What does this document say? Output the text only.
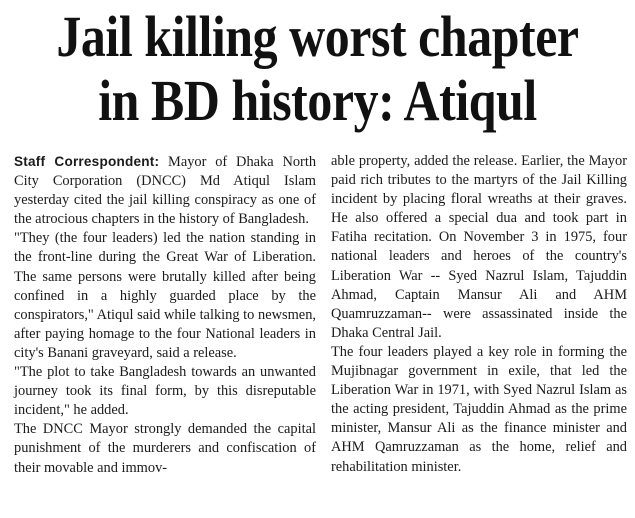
Jail killing worst chapter
in BD history: Atiqul

Staff Correspondent: Mayor of Dhaka North City Corporation (DNCC) Md Atiqul Islam yesterday cited the jail killing conspiracy as one of the atrocious chapters in the history of Bangladesh.

"They (the four leaders) led the nation standing in the front-line during the Great War of Liberation. The same persons were brutally killed after being confined in a highly guarded place by the conspirators," Atiqul said while talking to newsmen, after paying homage to the four National leaders in city's Banani graveyard, said a release.

"The plot to take Bangladesh towards an unwanted journey took its final form, by this disreputable incident," he added.

The DNCC Mayor strongly demanded the capital punishment of the murderers and confiscation of their movable and immov-

able property, added the release. Earlier, the Mayor paid rich tributes to the martyrs of the Jail Killing incident by placing floral wreaths at their graves. He also offered a special dua and took part in Fatiha recitation. On November 3 in 1975, four national leaders and heroes of the country's Liberation War -- Syed Nazrul Islam, Tajuddin Ahmad, Captain Mansur Ali and AHM Quamruzzaman-- were assassinated inside the Dhaka Central Jail.

The four leaders played a key role in forming the Mujibnagar government in exile, that led the Liberation War in 1971, with Syed Nazrul Islam as the acting president, Tajuddin Ahmad as the prime minister, Mansur Ali as the finance minister and AHM Qamruzzaman as the home, relief and rehabilitation minister.
